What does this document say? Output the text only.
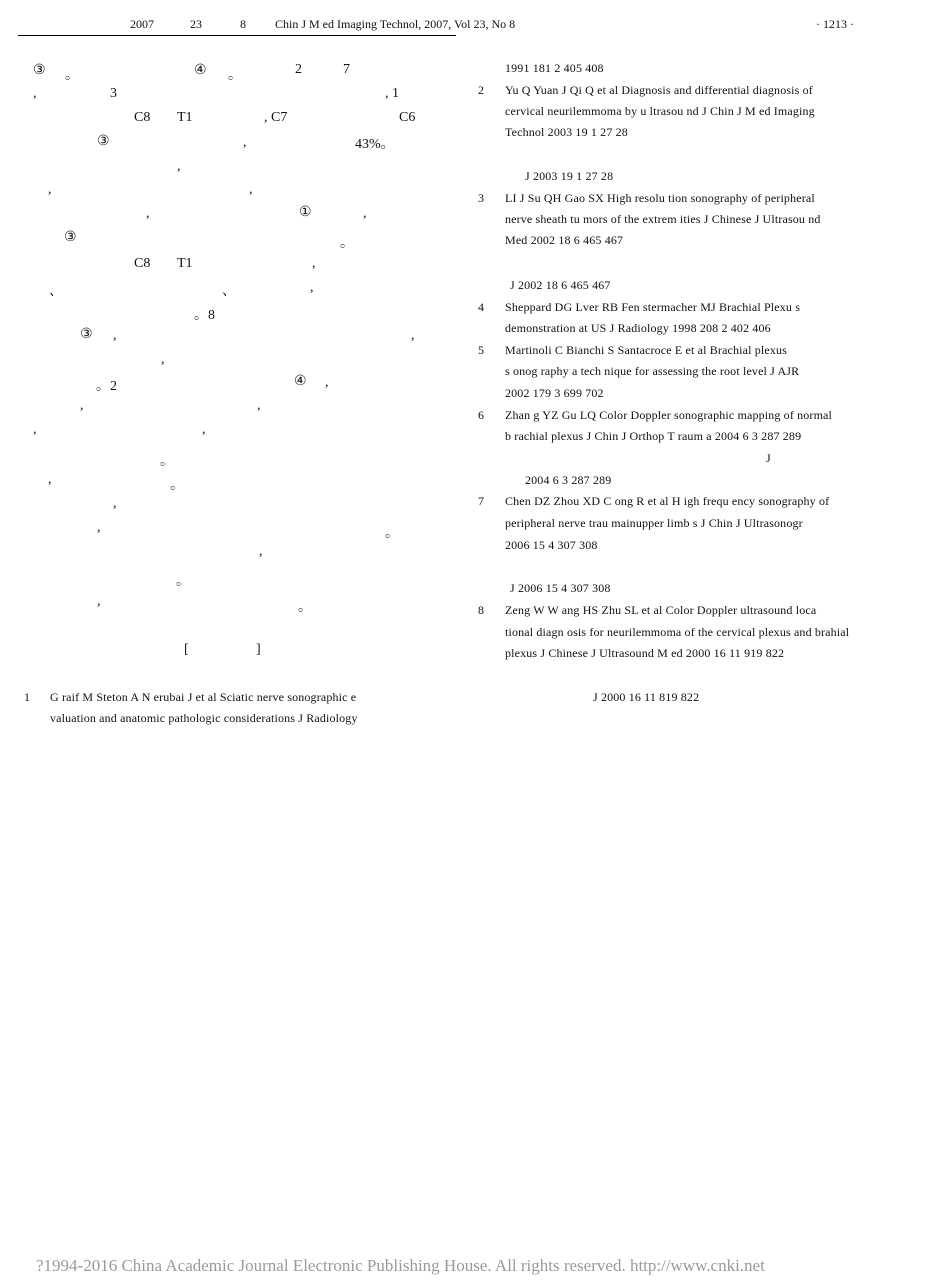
2007	23	8 Chin J M ed Imaging Technol, 2007, Vol 23, No 8	· 1213 ·
③ 。	④ 。	2	7
,	3	, 1
C8 T1	, C7	C6
③	,	43%。
,
,	,
,	①	,
③	。
C8 T1	,
、	、	,
。8
③ ,	,
,
。2	④ ,
,	,
,	,
。
,	。
,
,	。
,
。
,	。
[	]
1 G raif M Steton A N erubai J et al Sciatic nerve sonographic e
valuation and anatomic pathologic considerations J Radiology
1991 181 2 405 408
2 Yu Q Yuan J Qi Q et al Diagnosis and differential diagnosis of
cervical neurilemmoma by u ltrasou nd J Chin J M ed Imaging
Technol 2003 19 1 27 28
J 2003 19 1 27 28
3 LI J Su QH Gao SX High resolu tion sonography of peripheral
nerve sheath tu mors of the extrem ities J Chinese J Ultrasou nd
Med 2002 18 6 465 467
J 2002 18 6 465 467
4 Sheppard DG Lver RB Fen stermacher MJ Brachial Plexu s
demonstration at US J Radiology 1998 208 2 402 406
5 Martinoli C Bianchi S Santacroce E et al Brachial plexus
s onog raphy a tech nique for assessing the root level J AJR
2002 179 3 699 702
6 Zhan g YZ Gu LQ Color Doppler sonographic mapping of normal
b rachial plexus J Chin J Orthop T raum a 2004 6 3 287 289
J
2004 6 3 287 289
7 Chen DZ Zhou XD C ong R et al H igh frequ ency sonography of
peripheral nerve trau mainupper limb s J Chin J Ultrasonogr
2006 15 4 307 308
J 2006 15 4 307 308
8 Zeng W W ang HS Zhu SL et al Color Doppler ultrasound loca
tional diagn osis for neurilemmoma of the cervical plexus and brahial
plexus J Chinese J Ultrasound M ed 2000 16 11 919 822
J 2000 16 11 819 822
?1994-2016 China Academic Journal Electronic Publishing House. All rights reserved. http://www.cnki.net
